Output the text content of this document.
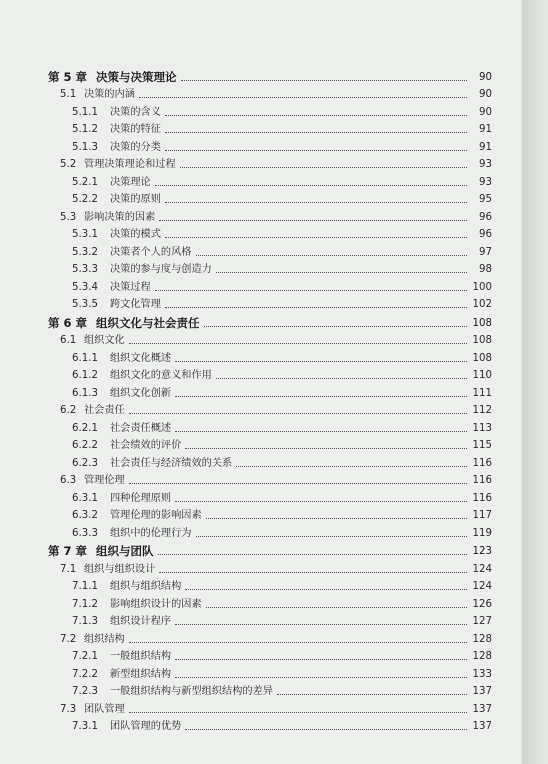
第 5 章 决策与决策理论	90
5.1 决策的内涵	90
5.1.1	决策的含义	90
5.1.2	决策的特征	91
5.1.3	决策的分类	91
5.2 管理决策理论和过程	93
5.2.1	决策理论	93
5.2.2	决策的原则	95
5.3 影响决策的因素	96
5.3.1	决策的模式	96
5.3.2	决策者个人的风格	97
5.3.3	决策的参与度与创造力	98
5.3.4	决策过程	100
5.3.5	跨文化管理	102
第 6 章 组织文化与社会责任	108
6.1 组织文化	108
6.1.1	组织文化概述	108
6.1.2	组织文化的意义和作用	110
6.1.3	组织文化创新	111
6.2 社会责任	112
6.2.1	社会责任概述	113
6.2.2	社会绩效的评价	115
6.2.3	社会责任与经济绩效的关系	116
6.3 管理伦理	116
6.3.1	四种伦理原则	116
6.3.2	管理伦理的影响因素	117
6.3.3	组织中的伦理行为	119
第 7 章 组织与团队	123
7.1 组织与组织设计	124
7.1.1	组织与组织结构	124
7.1.2	影响组织设计的因素	126
7.1.3	组织设计程序	127
7.2 组织结构	128
7.2.1	一般组织结构	128
7.2.2	新型组织结构	133
7.2.3	一般组织结构与新型组织结构的差异	137
7.3 团队管理	137
7.3.1	团队管理的优势	137
